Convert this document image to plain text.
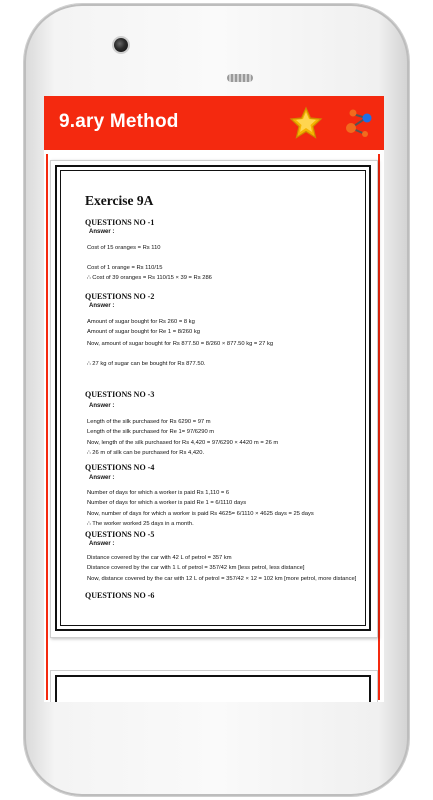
9.ary Method
Exercise 9A
QUESTIONS NO -1
Answer :
Cost of 15 oranges = Rs 110
Cost of 1 orange = Rs 110/15
∴ Cost of 39 oranges = Rs 110/15 × 39 = Rs 286
QUESTIONS NO -2
Answer :
Amount of sugar bought for Rs 260 = 8 kg
Amount of sugar bought for Re 1 = 8/260 kg
Now, amount of sugar bought for Rs 877.50 = 8/260 × 877.50 kg = 27 kg
∴ 27 kg of sugar can be bought for Rs 877.50.
QUESTIONS NO -3
Answer :
Length of the silk purchased for Rs 6290 = 97 m
Length of the silk purchased for Re 1= 97/6290 m
Now, length of the silk purchased for Rs 4,420 = 97/6290 × 4420 m = 26 m
∴ 26 m of silk can be purchased for Rs 4,420.
QUESTIONS NO -4
Answer :
Number of days for which a worker is paid Rs 1,110 = 6
Number of days for which a worker is paid Re 1 = 6/1110 days
Now, number of days for which a worker is paid Rs 4625= 6/1110 × 4625 days = 25 days
∴ The worker worked 25 days in a month.
QUESTIONS NO -5
Answer :
Distance covered by the car with 42 L of petrol = 357 km
Distance covered by the car with 1 L of petrol = 357/42 km [less petrol, less distance]
Now, distance covered by the car with 12 L of petrol = 357/42 × 12 = 102 km [more petrol, more distance]
QUESTIONS NO -6
